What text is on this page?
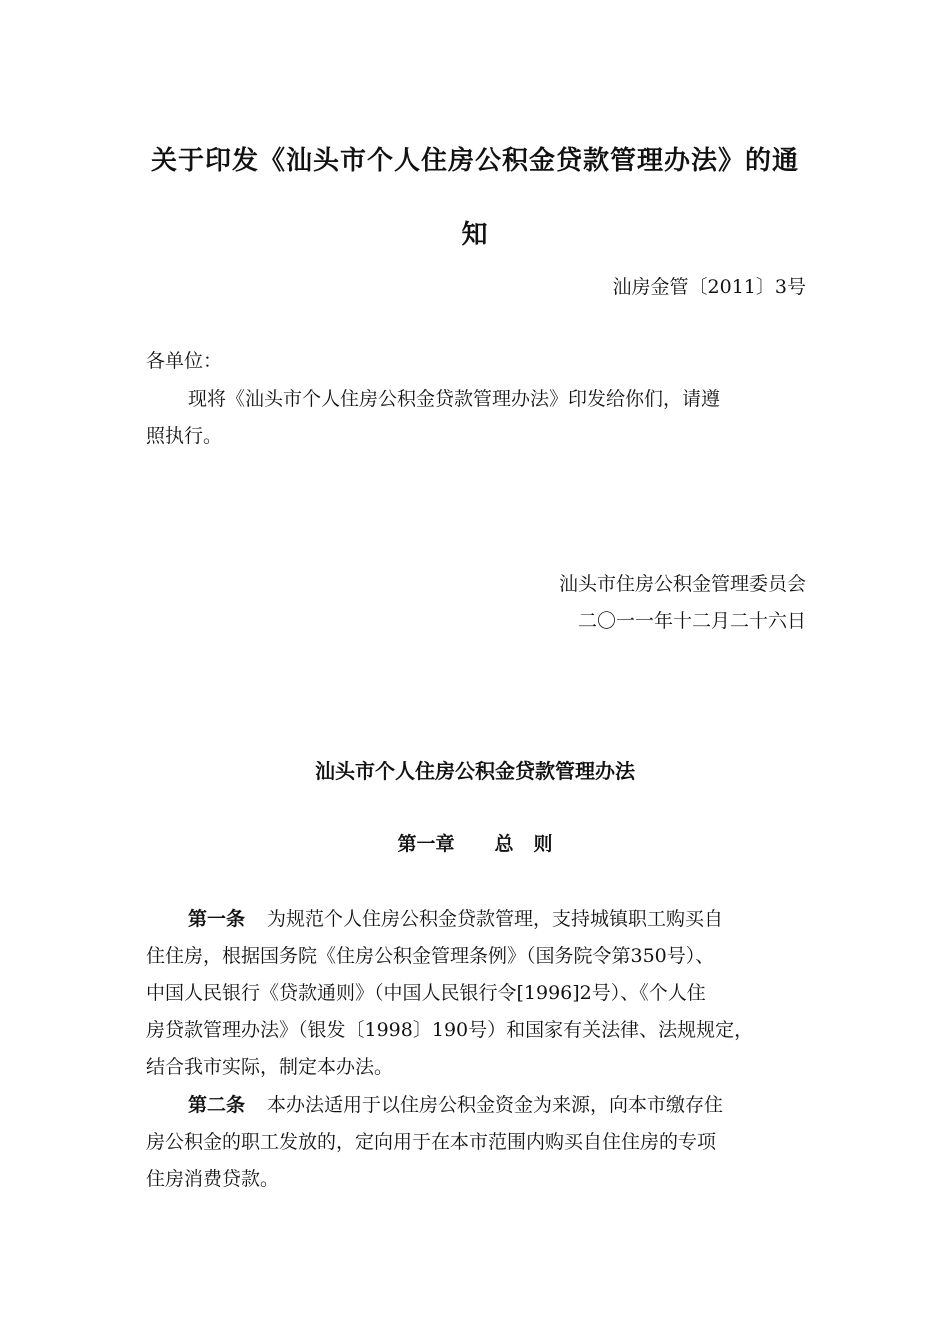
关于印发《汕头市个人住房公积金贷款管理办法》的通
知
汕房金管〔2011〕3号
各单位：
现将《汕头市个人住房公积金贷款管理办法》印发给你们，请遵
照执行。
汕头市住房公积金管理委员会
二〇一一年十二月二十六日
汕头市个人住房公积金贷款管理办法
第一章 总 则
第一条 为规范个人住房公积金贷款管理，支持城镇职工购买自
住住房，根据国务院《住房公积金管理条例》（国务院令第350号）、
中国人民银行《贷款通则》（中国人民银行令[1996]2号）、《个人住
房贷款管理办法》（银发〔1998〕190号）和国家有关法律、法规规定，
结合我市实际，制定本办法。
第二条 本办法适用于以住房公积金资金为来源，向本市缴存住
房公积金的职工发放的，定向用于在本市范围内购买自住住房的专项
住房消费贷款。
